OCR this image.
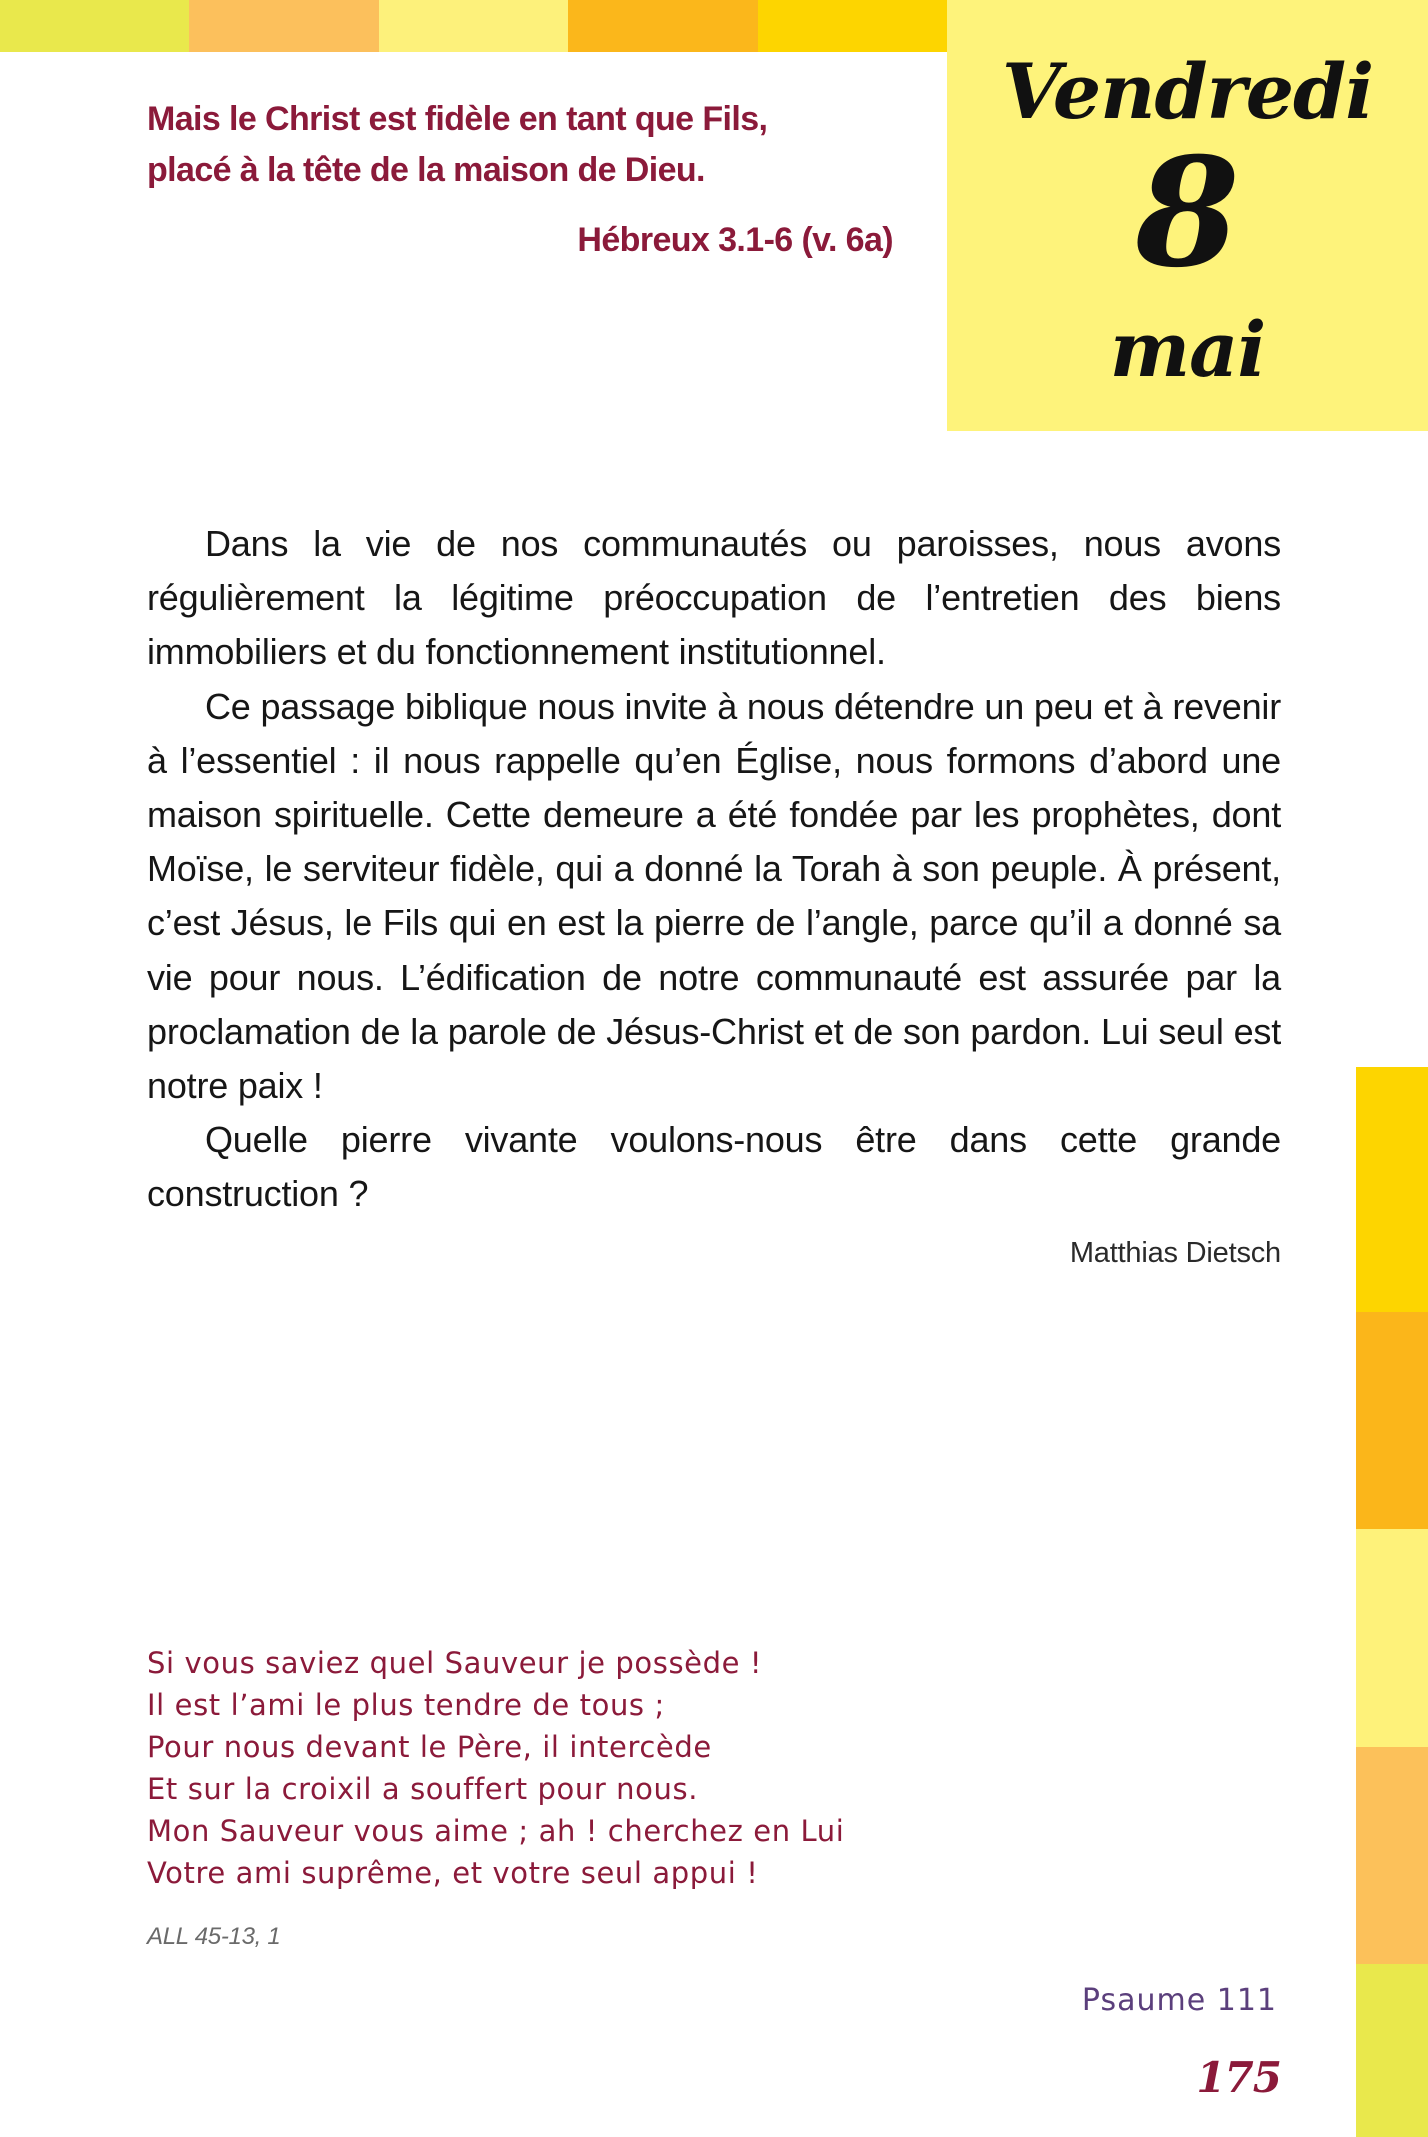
Vendredi
8
mai
Mais le Christ est fidèle en tant que Fils,
placé à la tête de la maison de Dieu.
Hébreux 3.1-6 (v. 6a)

Dans la vie de nos communautés ou paroisses, nous avons régulièrement la légitime préoccupation de l’entretien des biens immobiliers et du fonctionnement institutionnel.

Ce passage biblique nous invite à nous détendre un peu et à revenir à l’essentiel : il nous rappelle qu’en Église, nous formons d’abord une maison spirituelle. Cette demeure a été fondée par les prophètes, dont Moïse, le serviteur fidèle, qui a donné la Torah à son peuple. À présent, c’est Jésus, le Fils qui en est la pierre de l’angle, parce qu’il a donné sa vie pour nous. L’édification de notre communauté est assurée par la proclamation de la parole de Jésus-Christ et de son pardon. Lui seul est notre paix !

Quelle pierre vivante voulons-nous être dans cette grande construction ?

Matthias Dietsch
Si vous saviez quel Sauveur je possède !
Il est l’ami le plus tendre de tous ;
Pour nous devant le Père, il intercède
Et sur la croixil a souffert pour nous.
Mon Sauveur vous aime ; ah ! cherchez en Lui
Votre ami suprême, et votre seul appui !
ALL 45-13, 1
Psaume 111
175
